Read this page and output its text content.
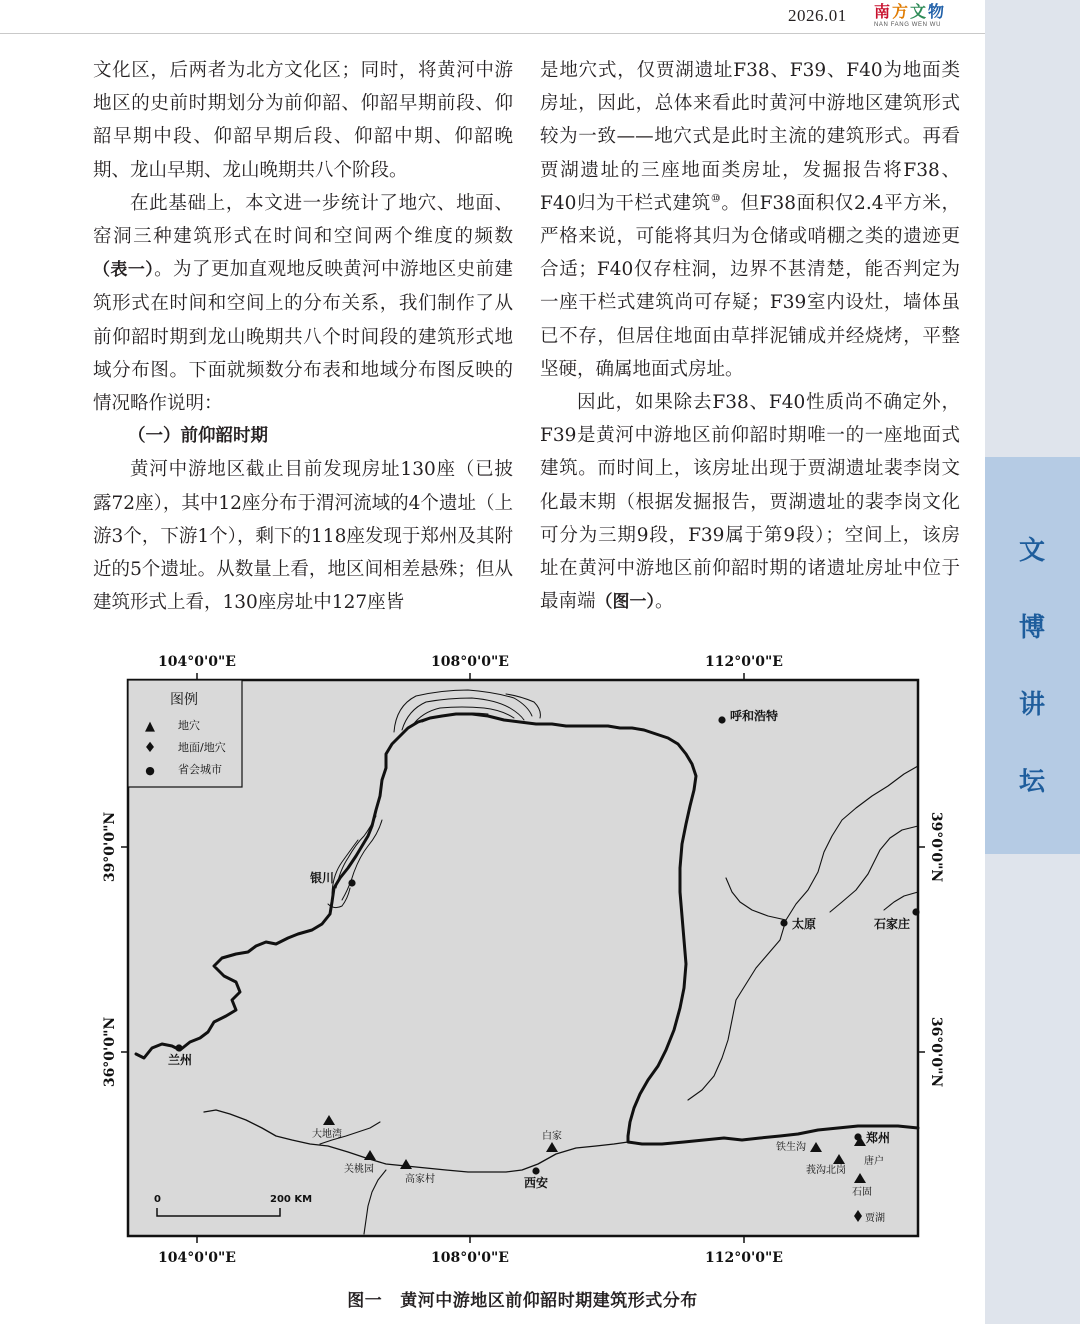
2026.01 南方文物
NAN FANG WEN WU
文
博
讲
坛

文化区，后两者为北方文化区；同时，将黄河中游地区的史前时期划分为前仰韶、仰韶早期前段、仰韶早期中段、仰韶早期后段、仰韶中期、仰韶晚期、龙山早期、龙山晚期共八个阶段。

在此基础上，本文进一步统计了地穴、地面、窑洞三种建筑形式在时间和空间两个维度的频数（表一）。为了更加直观地反映黄河中游地区史前建筑形式在时间和空间上的分布关系，我们制作了从前仰韶时期到龙山晚期共八个时间段的建筑形式地域分布图。下面就频数分布表和地域分布图反映的情况略作说明：

（一）前仰韶时期

黄河中游地区截止目前发现房址130座（已披露72座），其中12座分布于渭河流域的4个遗址（上游3个，下游1个），剩下的118座发现于郑州及其附近的5个遗址。从数量上看，地区间相差悬殊；但从建筑形式上看，130座房址中127座皆

是地穴式，仅贾湖遗址F38、F39、F40为地面类房址，因此，总体来看此时黄河中游地区建筑形式较为一致——地穴式是此时主流的建筑形式。再看贾湖遗址的三座地面类房址，发掘报告将F38、F40归为干栏式建筑⑩。但F38面积仅2.4平方米，严格来说，可能将其归为仓储或哨棚之类的遗迹更合适；F40仅存柱洞，边界不甚清楚，能否判定为一座干栏式建筑尚可存疑；F39室内设灶，墙体虽已不存，但居住地面由草拌泥铺成并经烧烤，平整坚硬，确属地面式房址。

因此，如果除去F38、F40性质尚不确定外，F39是黄河中游地区前仰韶时期唯一的一座地面式建筑。而时间上，该房址出现于贾湖遗址裴李岗文化最末期（根据发掘报告，贾湖遗址的裴李岗文化可分为三期9段，F39属于第9段）；空间上，该房址在黄河中游地区前仰韶时期的诸遗址房址中位于最南端（图一）。

104°0'0"E	108°0'0"E	112°0'0"E
104°0'0"E	108°0'0"E	112°0'0"E
39°0'0"N
36°0'0"N
39°0'0"N
36°0'0"N
图例
▲ 地穴
♦ 地面/地穴
● 省会城市
呼和浩特
银川
太原	石家庄
兰州
西安
郑州
大地湾
关桃园
高家村
白家
铁生沟
莪沟北岗
唐户
石固
贾湖
0	200 KM
图一 黄河中游地区前仰韶时期建筑形式分布
